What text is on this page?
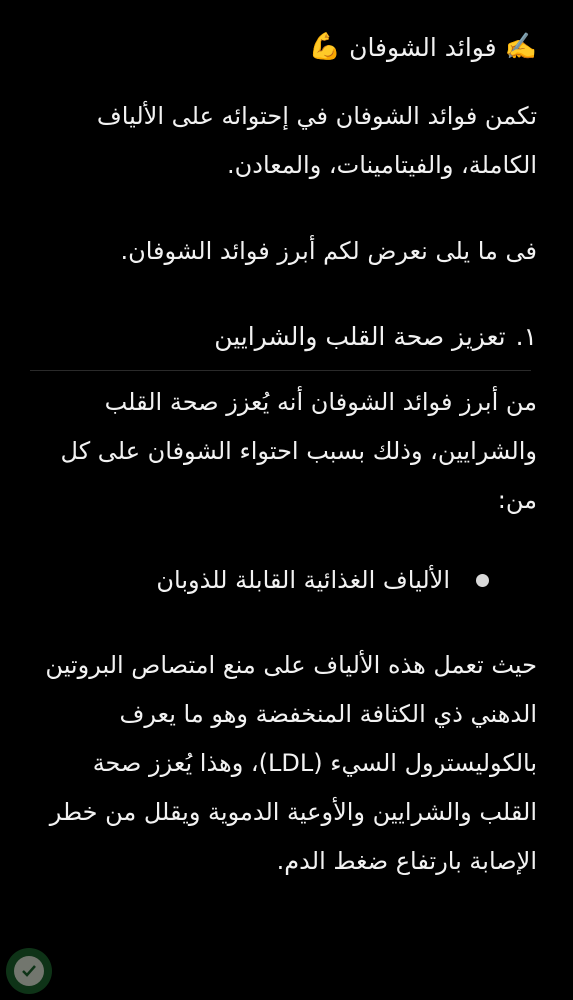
✍️
فوائد الشوفان
💪

تكمن فوائد الشوفان في إحتوائه على الألياف الكاملة، والفيتامينات، والمعادن.

فى ما يلى نعرض لكم أبرز فوائد الشوفان.

١.
تعزيز صحة القلب والشرايين

من أبرز فوائد الشوفان أنه يُعزز صحة القلب والشرايين، وذلك بسبب احتواء الشوفان على كل من:

الألياف الغذائية القابلة للذوبان

حيث تعمل هذه الألياف على منع امتصاص البروتين الدهني ذي الكثافة المنخفضة وهو ما يعرف بالكوليسترول السيء (LDL)، وهذا يُعزز صحة القلب والشرايين والأوعية الدموية ويقلل من خطر الإصابة بارتفاع ضغط الدم.
